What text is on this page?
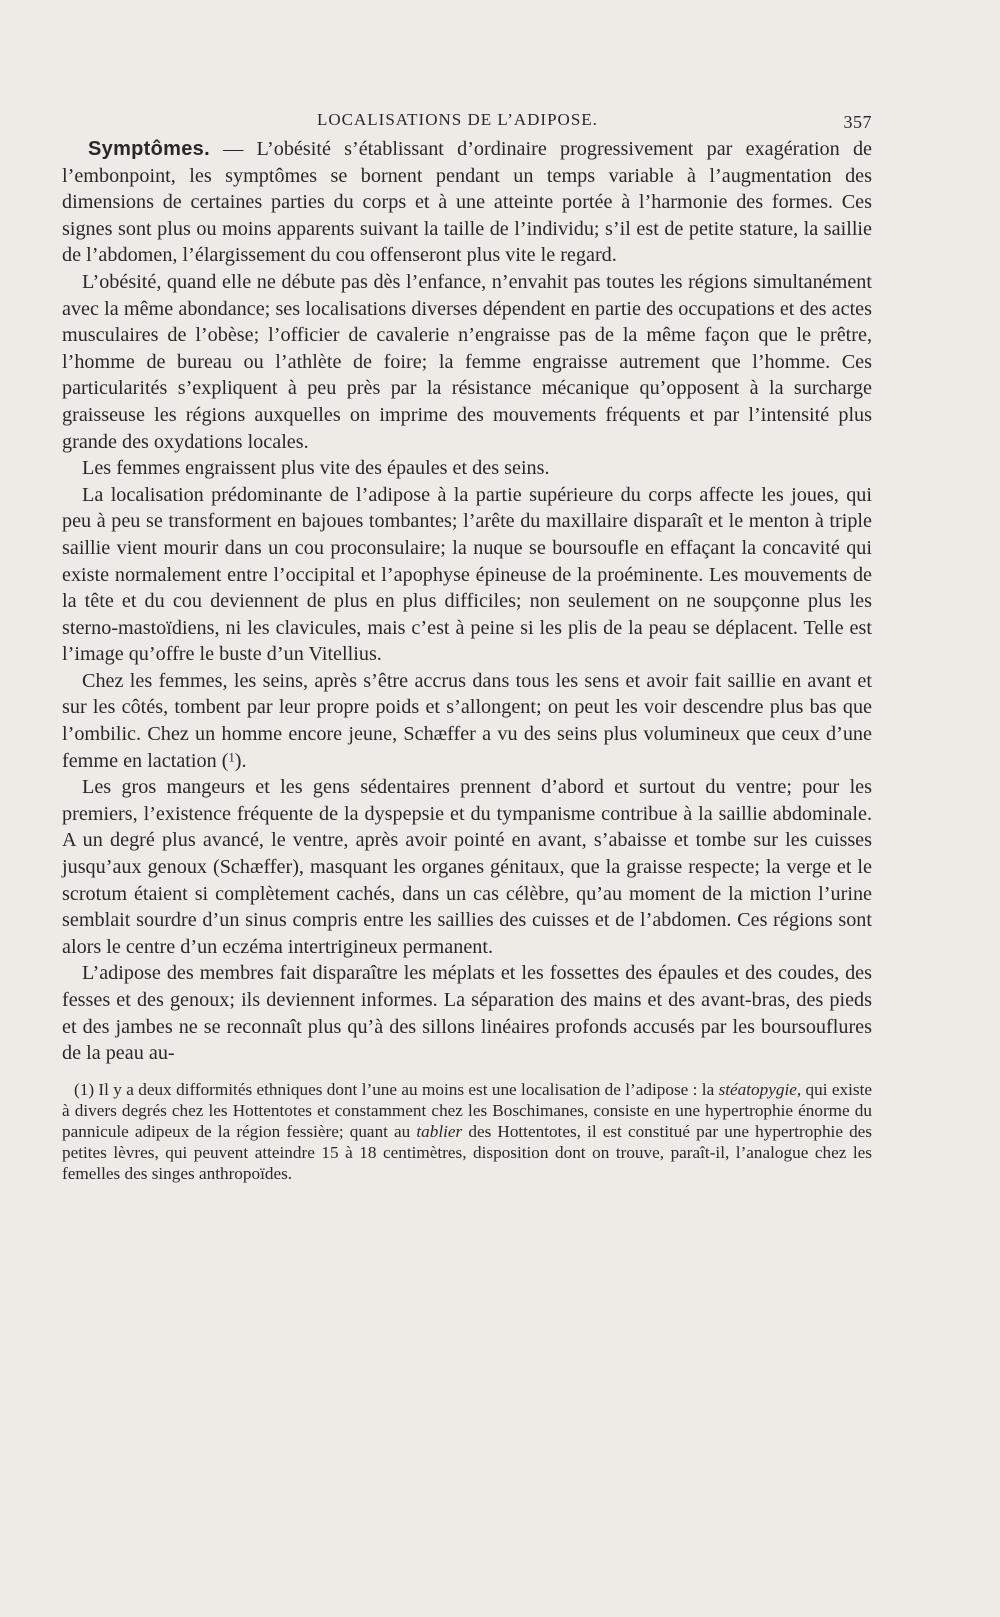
LOCALISATIONS DE L’ADIPOSE.	357

Symptômes. — L’obésité s’établissant d’ordinaire progressivement par exagération de l’embonpoint, les symptômes se bornent pendant un temps variable à l’augmentation des dimensions de certaines parties du corps et à une atteinte portée à l’harmonie des formes. Ces signes sont plus ou moins apparents suivant la taille de l’individu; s’il est de petite stature, la saillie de l’abdomen, l’élargissement du cou offenseront plus vite le regard.

L’obésité, quand elle ne débute pas dès l’enfance, n’envahit pas toutes les régions simultanément avec la même abondance; ses localisations diverses dépendent en partie des occupations et des actes musculaires de l’obèse; l’officier de cavalerie n’engraisse pas de la même façon que le prêtre, l’homme de bureau ou l’athlète de foire; la femme engraisse autrement que l’homme. Ces particularités s’expliquent à peu près par la résistance mécanique qu’opposent à la surcharge graisseuse les régions auxquelles on imprime des mouvements fréquents et par l’intensité plus grande des oxydations locales.

Les femmes engraissent plus vite des épaules et des seins.

La localisation prédominante de l’adipose à la partie supérieure du corps affecte les joues, qui peu à peu se transforment en bajoues tombantes; l’arête du maxillaire disparaît et le menton à triple saillie vient mourir dans un cou proconsulaire; la nuque se boursoufle en effaçant la concavité qui existe normalement entre l’occipital et l’apophyse épineuse de la proéminente. Les mouvements de la tête et du cou deviennent de plus en plus difficiles; non seulement on ne soupçonne plus les sterno-mastoïdiens, ni les clavicules, mais c’est à peine si les plis de la peau se déplacent. Telle est l’image qu’offre le buste d’un Vitellius.

Chez les femmes, les seins, après s’être accrus dans tous les sens et avoir fait saillie en avant et sur les côtés, tombent par leur propre poids et s’allongent; on peut les voir descendre plus bas que l’ombilic. Chez un homme encore jeune, Schæffer a vu des seins plus volumineux que ceux d’une femme en lactation ($^1$).

Les gros mangeurs et les gens sédentaires prennent d’abord et surtout du ventre; pour les premiers, l’existence fréquente de la dyspepsie et du tympanisme contribue à la saillie abdominale. A un degré plus avancé, le ventre, après avoir pointé en avant, s’abaisse et tombe sur les cuisses jusqu’aux genoux (Schæffer), masquant les organes génitaux, que la graisse respecte; la verge et le scrotum étaient si complètement cachés, dans un cas célèbre, qu’au moment de la miction l’urine semblait sourdre d’un sinus compris entre les saillies des cuisses et de l’abdomen. Ces régions sont alors le centre d’un eczéma intertrigineux permanent.

L’adipose des membres fait disparaître les méplats et les fossettes des épaules et des coudes, des fesses et des genoux; ils deviennent informes. La séparation des mains et des avant-bras, des pieds et des jambes ne se reconnaît plus qu’à des sillons linéaires profonds accusés par les boursouflures de la peau au-

(1) Il y a deux difformités ethniques dont l’une au moins est une localisation de l’adipose : la stéatopygie, qui existe à divers degrés chez les Hottentotes et constamment chez les Boschimanes, consiste en une hypertrophie énorme du pannicule adipeux de la région fessière; quant au tablier des Hottentotes, il est constitué par une hypertrophie des petites lèvres, qui peuvent atteindre 15 à 18 centimètres, disposition dont on trouve, paraît-il, l’analogue chez les femelles des singes anthropoïdes.
